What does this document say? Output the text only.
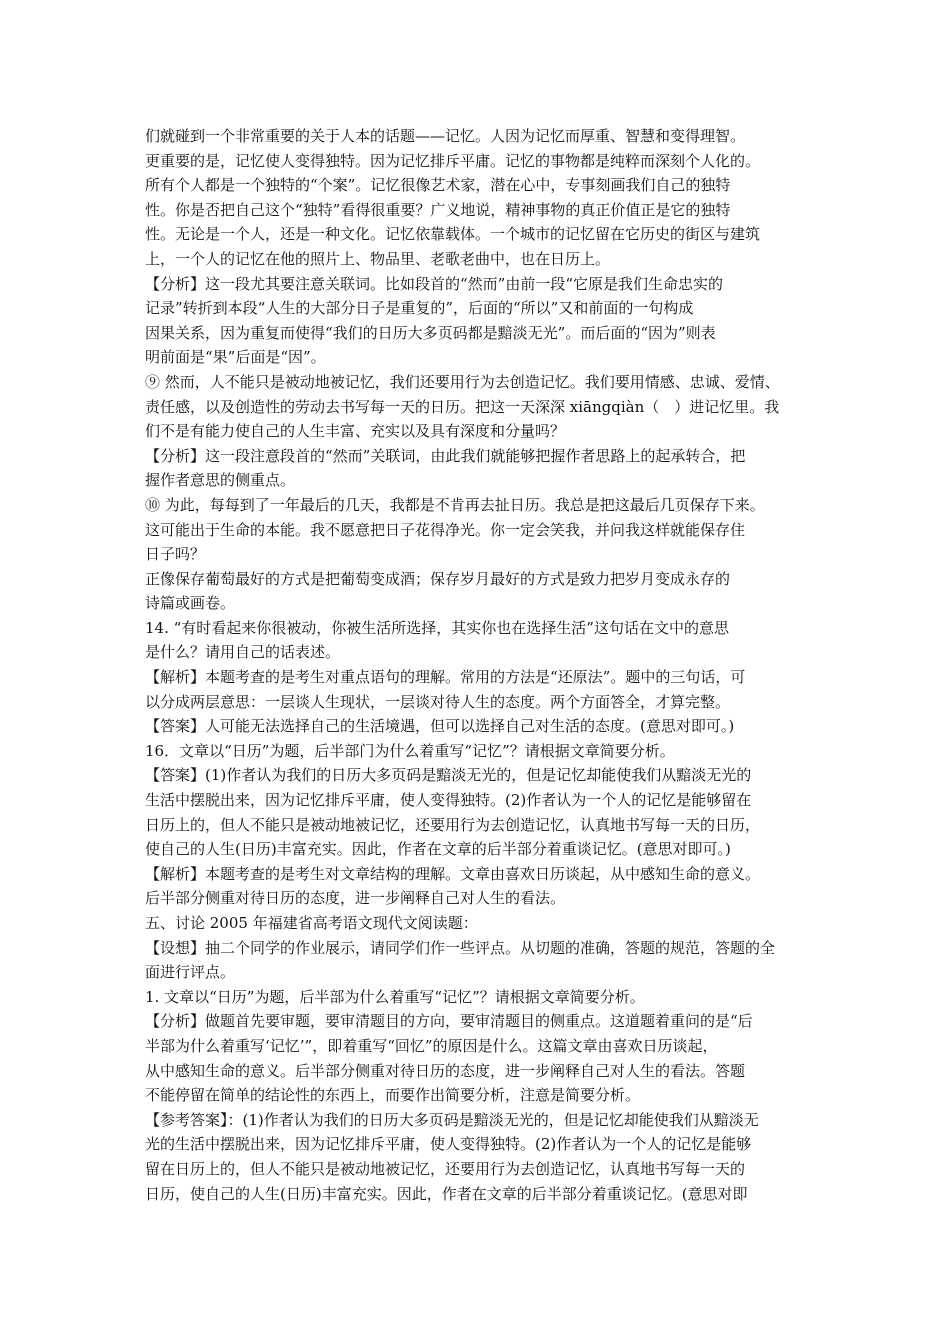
们就碰到一个非常重要的关于人本的话题——记忆。人因为记忆而厚重、智慧和变得理智。
更重要的是，记忆使人变得独特。因为记忆排斥平庸。记忆的事物都是纯粹而深刻个人化的。
所有个人都是一个独特的“个案”。记忆很像艺术家，潜在心中，专事刻画我们自己的独特
性。你是否把自己这个“独特”看得很重要？广义地说，精神事物的真正价值正是它的独特
性。无论是一个人，还是一种文化。记忆依靠载体。一个城市的记忆留在它历史的街区与建筑
上，一个人的记忆在他的照片上、物品里、老歌老曲中，也在日历上。
【分析】这一段尤其要注意关联词。比如段首的“然而”由前一段“它原是我们生命忠实的
记录”转折到本段“人生的大部分日子是重复的”，后面的“所以”又和前面的一句构成
因果关系，因为重复而使得“我们的日历大多页码都是黯淡无光”。而后面的“因为”则表
明前面是“果”后面是“因”。
⑨ 然而，人不能只是被动地被记忆，我们还要用行为去创造记忆。我们要用情感、忠诚、爱情、
责任感，以及创造性的劳动去书写每一天的日历。把这一天深深 xiāngqiàn（　）进记忆里。我
们不是有能力使自己的人生丰富、充实以及具有深度和分量吗？
【分析】这一段注意段首的“然而”关联词，由此我们就能够把握作者思路上的起承转合，把
握作者意思的侧重点。
⑩ 为此，每每到了一年最后的几天，我都是不肯再去扯日历。我总是把这最后几页保存下来。
这可能出于生命的本能。我不愿意把日子花得净光。你一定会笑我，并问我这样就能保存住
日子吗？
正像保存葡萄最好的方式是把葡萄变成酒；保存岁月最好的方式是致力把岁月变成永存的
诗篇或画卷。
14. “有时看起来你很被动，你被生活所选择，其实你也在选择生活”这句话在文中的意思
是什么？请用自己的话表述。
【解析】本题考查的是考生对重点语句的理解。常用的方法是“还原法”。题中的三句话，可
以分成两层意思：一层谈人生现状，一层谈对待人生的态度。两个方面答全，才算完整。
【答案】人可能无法选择自己的生活境遇，但可以选择自己对生活的态度。(意思对即可。)
16．文章以“日历”为题，后半部门为什么着重写“记忆”？请根据文章简要分析。
【答案】(1)作者认为我们的日历大多页码是黯淡无光的，但是记忆却能使我们从黯淡无光的
生活中摆脱出来，因为记忆排斥平庸，使人变得独特。(2)作者认为一个人的记忆是能够留在
日历上的，但人不能只是被动地被记忆，还要用行为去创造记忆，认真地书写每一天的日历，
使自己的人生(日历)丰富充实。因此，作者在文章的后半部分着重谈记忆。(意思对即可。)
【解析】本题考查的是考生对文章结构的理解。文章由喜欢日历谈起，从中感知生命的意义。
后半部分侧重对待日历的态度，进一步阐释自己对人生的看法。
五、讨论 2005 年福建省高考语文现代文阅读题：
【设想】抽二个同学的作业展示，请同学们作一些评点。从切题的准确，答题的规范，答题的全
面进行评点。
1. 文章以“日历”为题，后半部为什么着重写“记忆”？请根据文章简要分析。
【分析】做题首先要审题，要审清题目的方向，要审清题目的侧重点。这道题着重问的是“后
半部为什么着重写‘记忆’”，即着重写“回忆”的原因是什么。这篇文章由喜欢日历谈起，
从中感知生命的意义。后半部分侧重对待日历的态度，进一步阐释自己对人生的看法。答题
不能停留在简单的结论性的东西上，而要作出简要分析，注意是简要分析。
【参考答案】：(1)作者认为我们的日历大多页码是黯淡无光的，但是记忆却能使我们从黯淡无
光的生活中摆脱出来，因为记忆排斥平庸，使人变得独特。(2)作者认为一个人的记忆是能够
留在日历上的，但人不能只是被动地被记忆，还要用行为去创造记忆，认真地书写每一天的
日历，使自己的人生(日历)丰富充实。因此，作者在文章的后半部分着重谈记忆。(意思对即
